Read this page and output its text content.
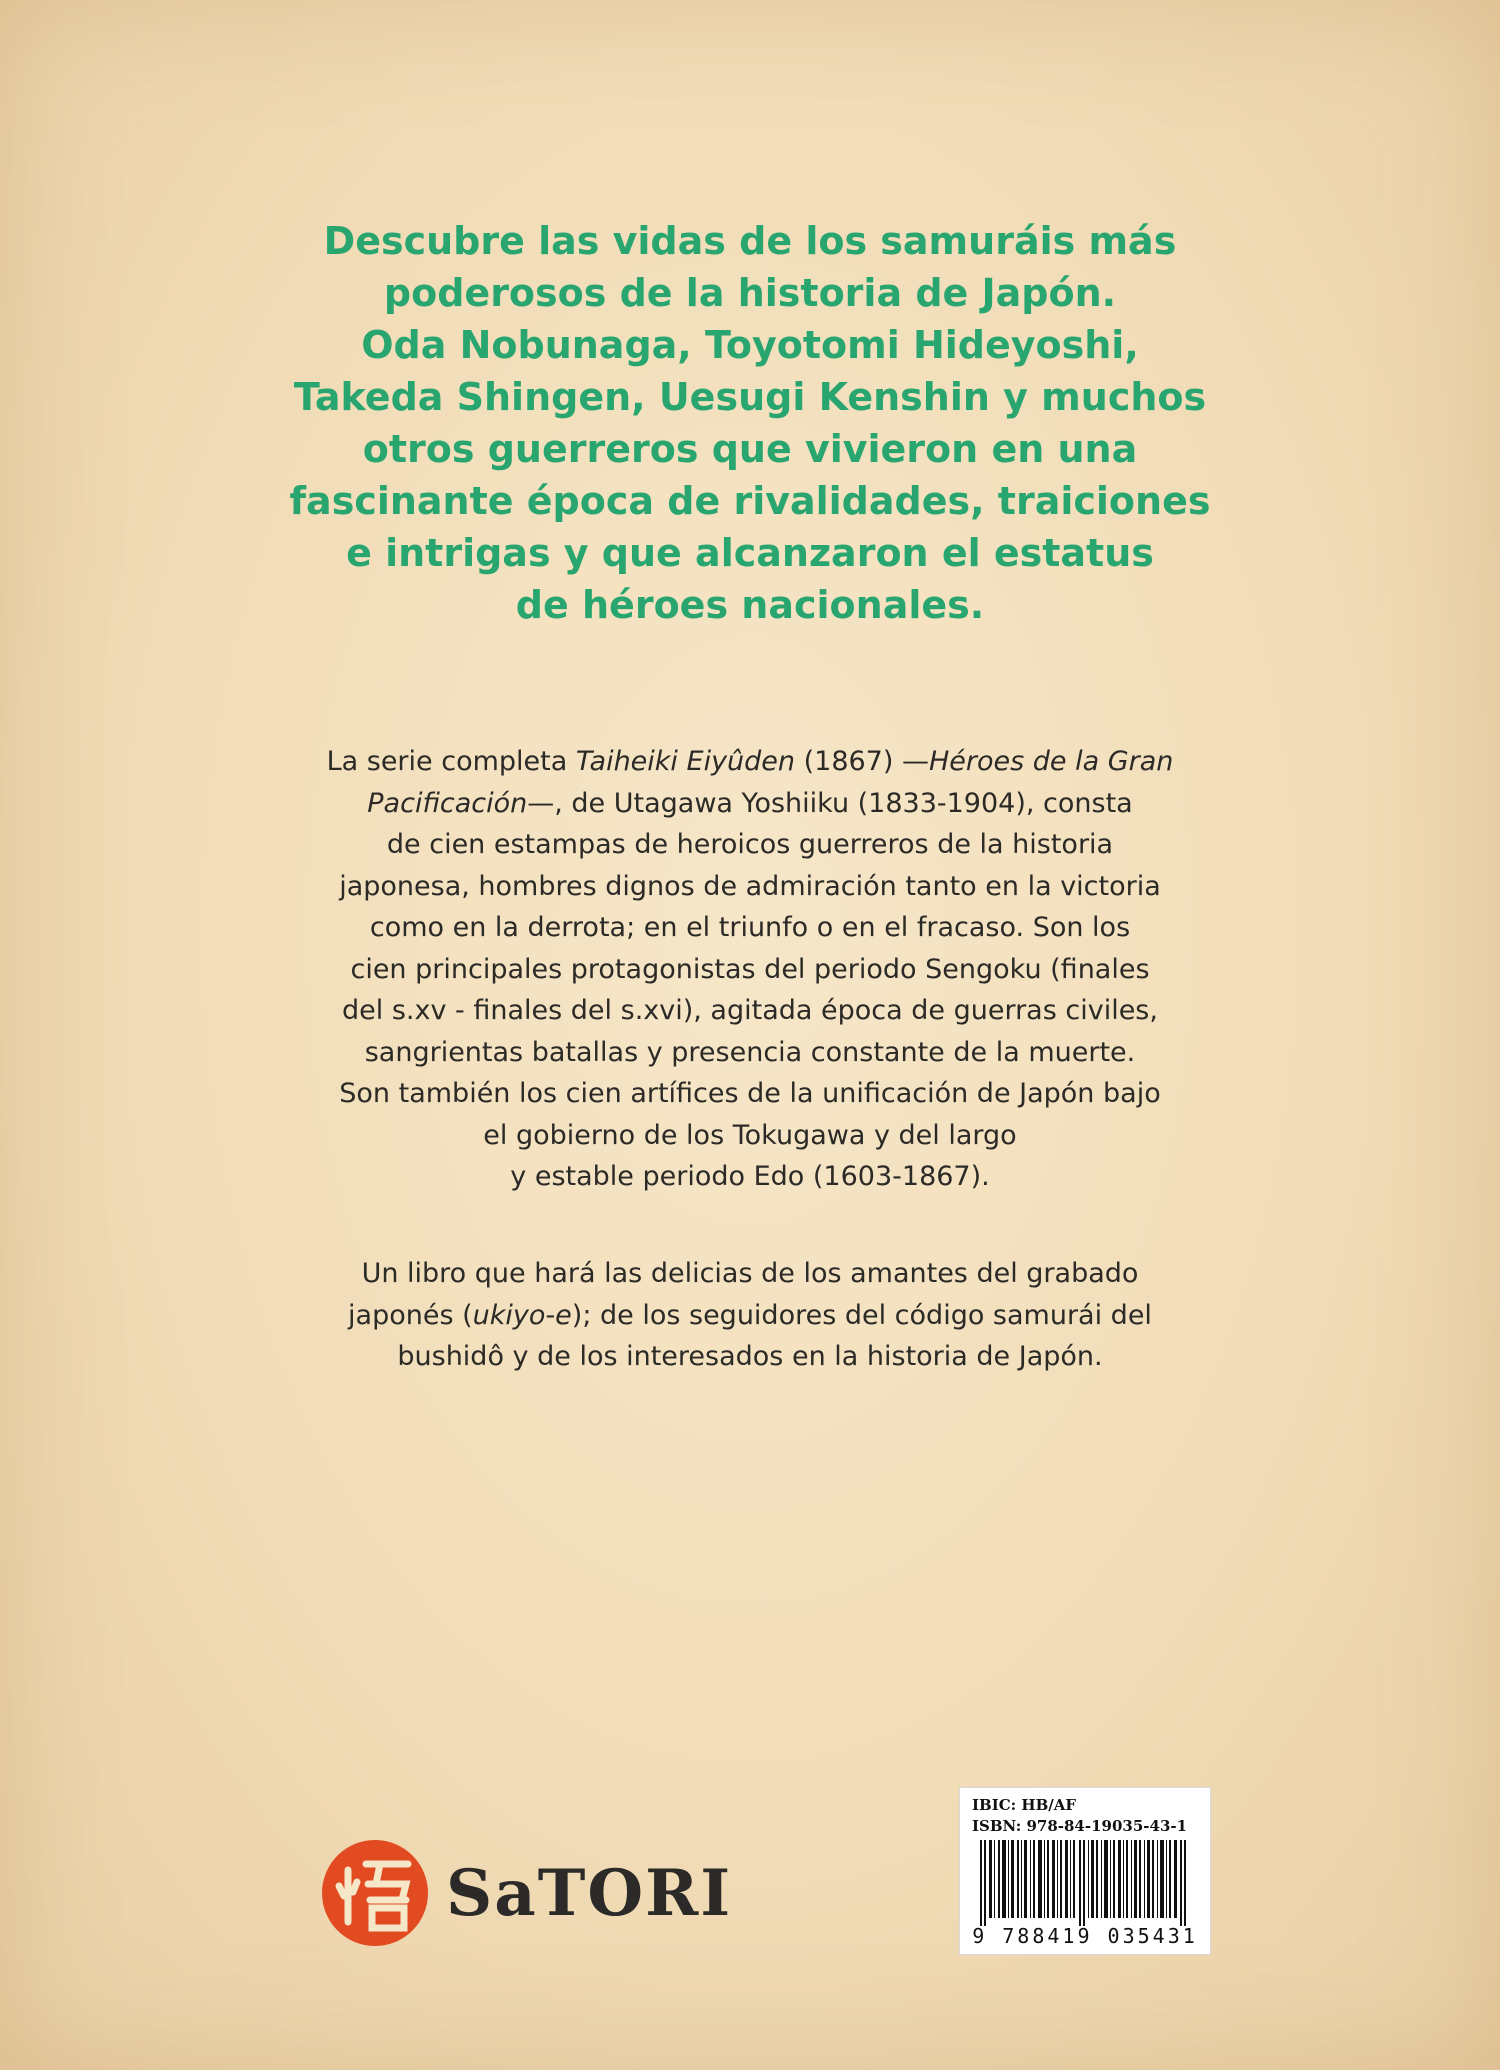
Descubre las vidas de los samuráis más
poderosos de la historia de Japón.
Oda Nobunaga, Toyotomi Hideyoshi,
Takeda Shingen, Uesugi Kenshin y muchos
otros guerreros que vivieron en una
fascinante época de rivalidades, traiciones
e intrigas y que alcanzaron el estatus
de héroes nacionales.
La serie completa Taiheiki Eiyûden (1867) —Héroes de la Gran
Pacificación—, de Utagawa Yoshiiku (1833-1904), consta
de cien estampas de heroicos guerreros de la historia
japonesa, hombres dignos de admiración tanto en la victoria
como en la derrota; en el triunfo o en el fracaso. Son los
cien principales protagonistas del periodo Sengoku (finales
del s.xv - finales del s.xvi), agitada época de guerras civiles,
sangrientas batallas y presencia constante de la muerte.
Son también los cien artífices de la unificación de Japón bajo
el gobierno de los Tokugawa y del largo
y estable periodo Edo (1603-1867).
Un libro que hará las delicias de los amantes del grabado
japonés (ukiyo-e); de los seguidores del código samurái del
bushidô y de los interesados en la historia de Japón.
SaTORI
IBIC: HB/AF
ISBN: 978-84-19035-43-1
9 788419 035431
